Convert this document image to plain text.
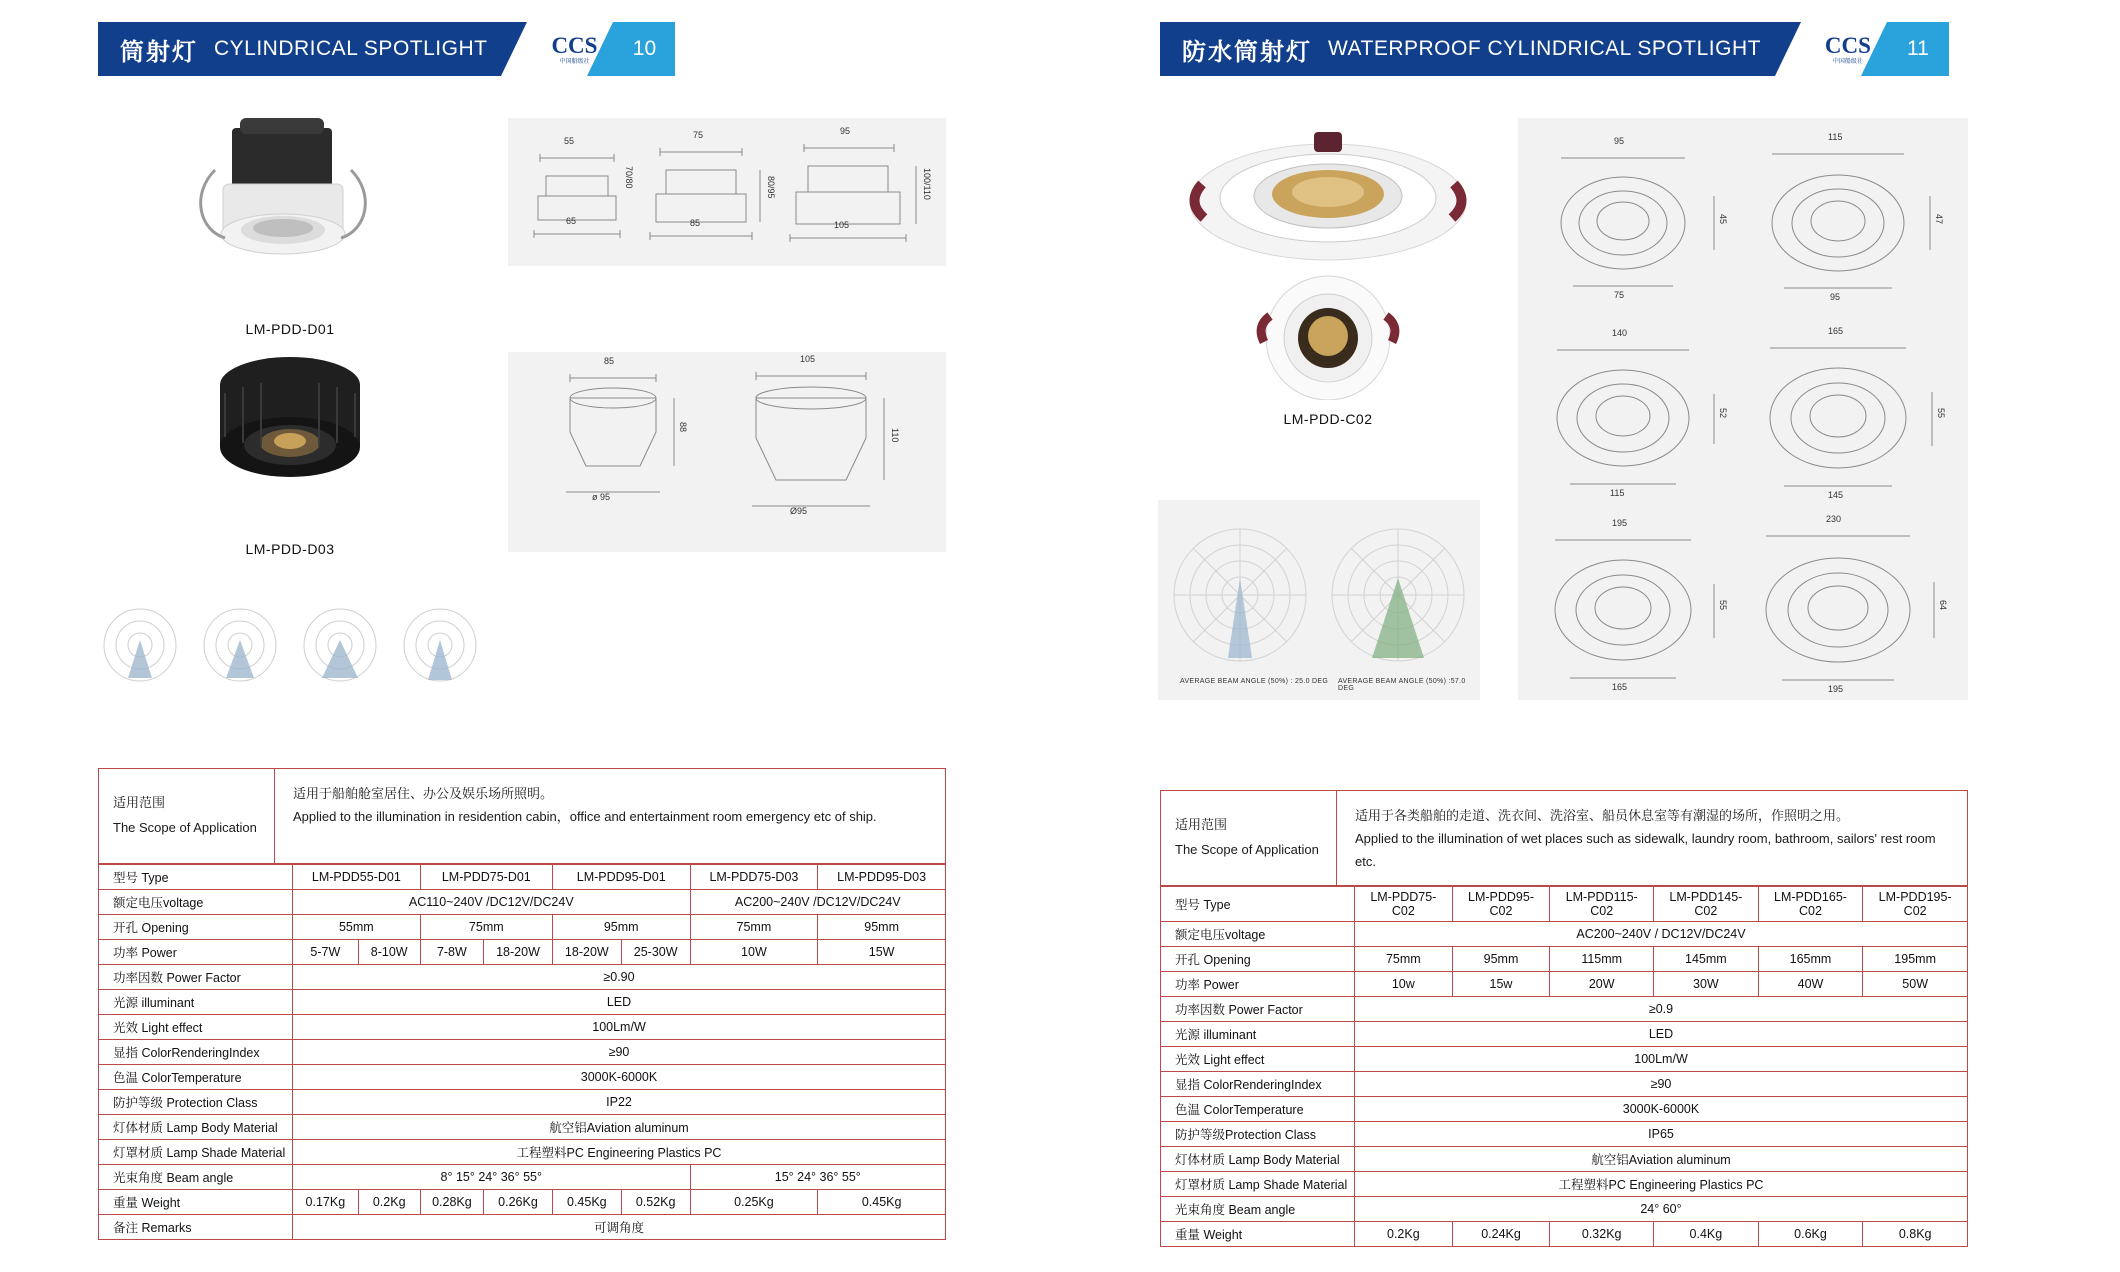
筒射灯 CYLINDRICAL SPOTLIGHT	CCS
中国船级社
10
LM-PDD-D01
LM-PDD-D03
55
65
75
85
80/95
70/80
95
105
100/110
85
88
ø 95
105
110
Ø95
适用范围
The Scope of Application
适用于船舶舱室居住、办公及娱乐场所照明。
Applied to the illumination in residention cabin，office and entertainment room emergency etc of ship.
型号 Type	LM-PDD55-D01		LM-PDD75-D01		LM-PDD95-D01		LM-PDD75-D03	LM-PDD95-D03
额定电压voltage	AC110~240V /DC12V/DC24V						AC200~240V /DC12V/DC24V	
开孔 Opening	55mm		75mm		95mm		75mm	95mm
功率 Power	5-7W	8-10W	7-8W	18-20W	18-20W	25-30W	10W	15W
功率因数 Power Factor	≥0.90							
光源 illuminant	LED							
光效 Light effect	100Lm/W							
显指 ColorRenderingIndex	≥90							
色温 ColorTemperature	3000K-6000K							
防护等级 Protection Class	IP22							
灯体材质 Lamp Body Material	航空铝Aviation aluminum							
灯罩材质 Lamp Shade Material	工程塑料PC Engineering Plastics PC							
光束角度 Beam angle	8° 15° 24° 36° 55°						15° 24° 36° 55°	
重量 Weight	0.17Kg	0.2Kg	0.28Kg	0.26Kg	0.45Kg	0.52Kg	0.25Kg	0.45Kg
备注 Remarks	可调角度							
防水筒射灯 WATERPROOF CYLINDRICAL SPOTLIGHT	CCS
中国船级社
11
LM-PDD-C02
AVERAGE BEAM ANGLE (50%) : 25.0 DEG AVERAGE BEAM ANGLE (50%) :57.0 DEG
95
75
45
115
95
47
140
115
52
165
145
55
195
165
55
230
195
64
适用范围
The Scope of Application
适用于各类船舶的走道、洗衣间、洗浴室、船员休息室等有潮湿的场所，作照明之用。
Applied to the illumination of wet places such as sidewalk, laundry room, bathroom, sailors' rest room etc.
型号 Type	LM-PDD75-C02	LM-PDD95-C02	LM-PDD115-C02	LM-PDD145-C02	LM-PDD165-C02	LM-PDD195-C02
额定电压voltage	AC200~240V / DC12V/DC24V					
开孔 Opening	75mm	95mm	115mm	145mm	165mm	195mm
功率 Power	10w	15w	20W	30W	40W	50W
功率因数 Power Factor	≥0.9					
光源 illuminant	LED					
光效 Light effect	100Lm/W					
显指 ColorRenderingIndex	≥90					
色温 ColorTemperature	3000K-6000K					
防护等级Protection Class	IP65					
灯体材质 Lamp Body Material	航空铝Aviation aluminum					
灯罩材质 Lamp Shade Material	工程塑料PC Engineering Plastics PC					
光束角度 Beam angle	24° 60°					
重量 Weight	0.2Kg	0.24Kg	0.32Kg	0.4Kg	0.6Kg	0.8Kg
